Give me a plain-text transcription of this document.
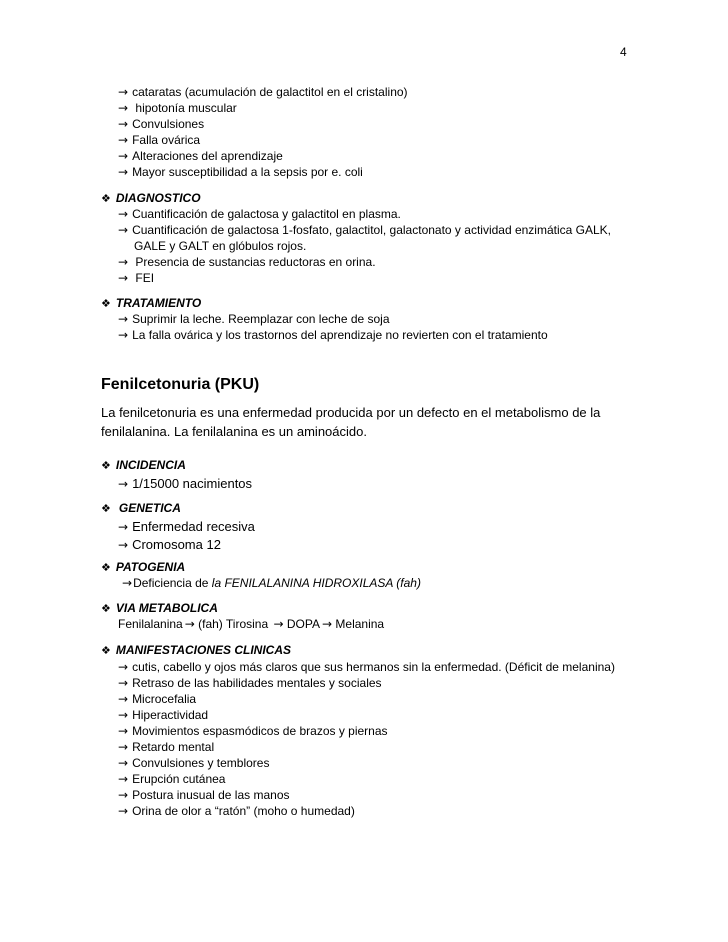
4
→ cataratas (acumulación de galactitol en el cristalino)
→ hipotonía muscular
→ Convulsiones
→ Falla ovárica
→ Alteraciones del aprendizaje
→ Mayor susceptibilidad a la sepsis por e. coli
❖ DIAGNOSTICO
→ Cuantificación de galactosa y galactitol en plasma.
→ Cuantificación de galactosa 1-fosfato, galactitol, galactonato y actividad enzimática GALK,
GALE y GALT en glóbulos rojos.
→ Presencia de sustancias reductoras en orina.
→ FEI
❖ TRATAMIENTO
→ Suprimir la leche. Reemplazar con leche de soja
→ La falla ovárica y los trastornos del aprendizaje no revierten con el tratamiento
Fenilcetonuria (PKU)
La fenilcetonuria es una enfermedad producida por un defecto en el metabolismo de la
fenilalanina. La fenilalanina es un aminoácido.
❖ INCIDENCIA
→ 1/15000 nacimientos
❖ GENETICA
→ Enfermedad recesiva
→ Cromosoma 12
❖ PATOGENIA
→Deficiencia de la FENILALANINA HIDROXILASA (fah)
❖ VIA METABOLICA
Fenilalanina → (fah) Tirosina → DOPA → Melanina
❖ MANIFESTACIONES CLINICAS
→ cutis, cabello y ojos más claros que sus hermanos sin la enfermedad. (Déficit de melanina)
→ Retraso de las habilidades mentales y sociales
→ Microcefalia
→ Hiperactividad
→ Movimientos espasmódicos de brazos y piernas
→ Retardo mental
→ Convulsiones y temblores
→ Erupción cutánea
→ Postura inusual de las manos
→ Orina de olor a “ratón” (moho o humedad)
